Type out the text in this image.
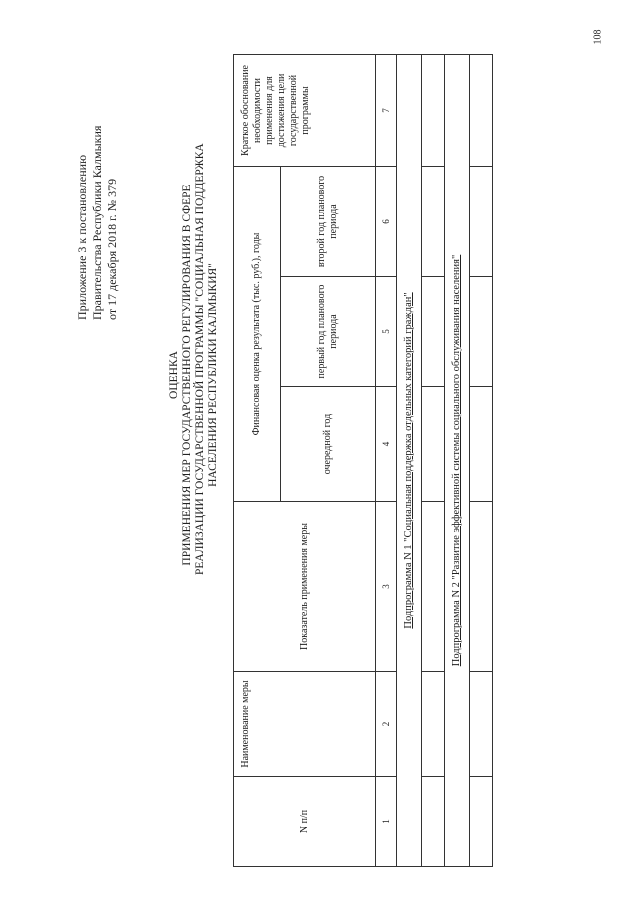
108
Приложение 3 к постановлению Правительства Республики Калмыкия от 17 декабря 2018 г. № 379
ОЦЕНКА ПРИМЕНЕНИЯ МЕР ГОСУДАРСТВЕННОГО РЕГУЛИРОВАНИЯ В СФЕРЕ РЕАЛИЗАЦИИ ГОСУДАРСТВЕННОЙ ПРОГРАММЫ "СОЦИАЛЬНАЯ ПОДДЕРЖКА НАСЕЛЕНИЯ РЕСПУБЛИКИ КАЛМЫКИЯ"
N п/п	Наименование меры	Показатель применения меры	Финансовая оценка результата (тыс. руб.), годы			Краткое обоснование необходимости применения для достижения цели государственной программы
			очередной год	первый год планового периода	второй год планового периода	
1	2	3	4	5	6	7
Подпрограмма N 1 "Социальная поддержка отдельных категорий граждан"						

Подпрограмма N 2 "Развитие эффективной системы социального обслуживания населения"						
